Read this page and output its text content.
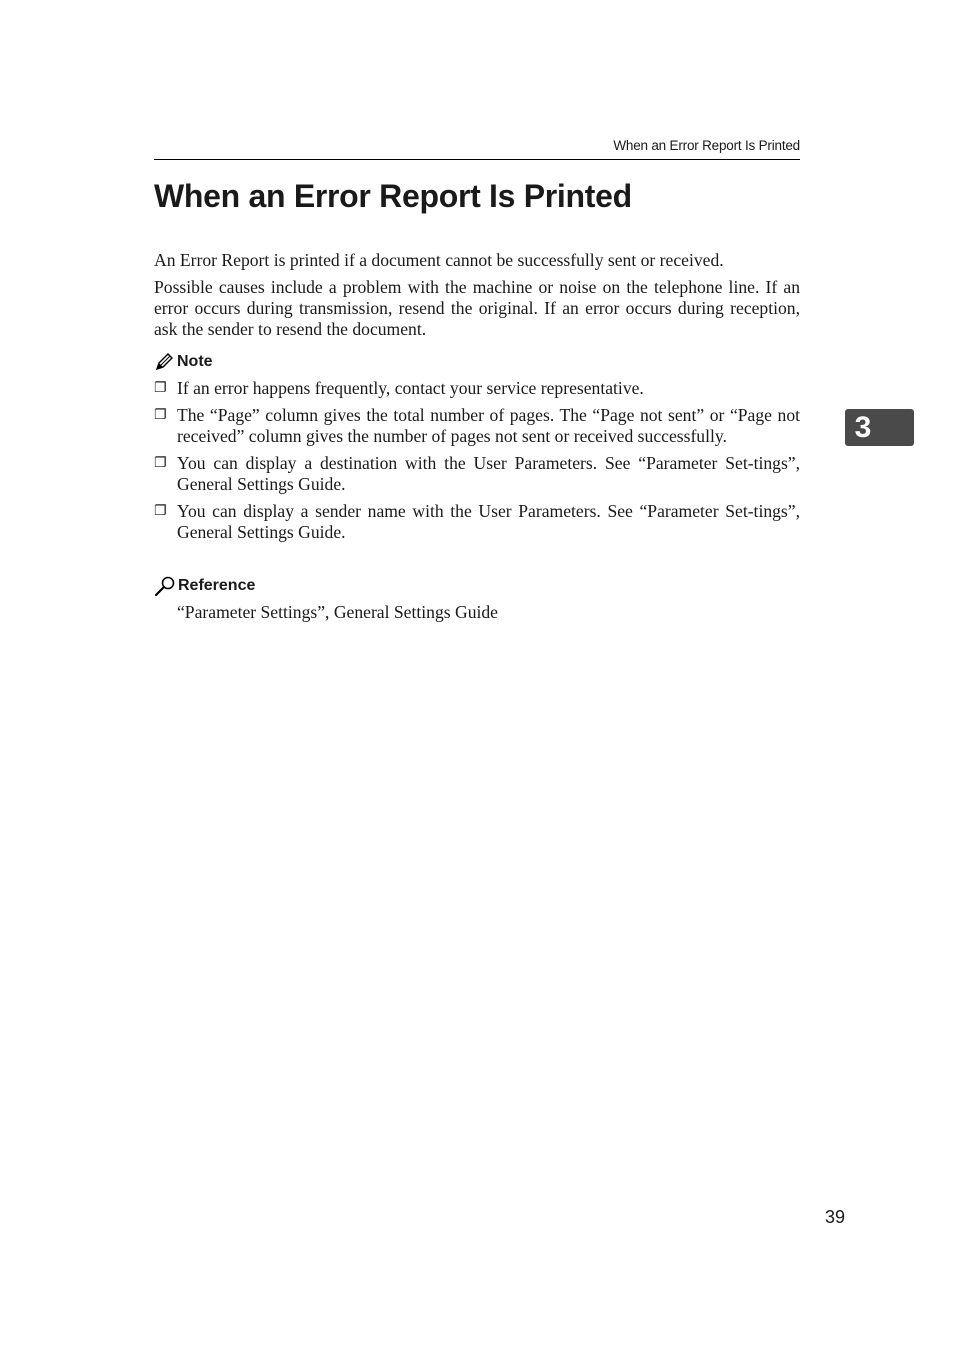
When an Error Report Is Printed
When an Error Report Is Printed

An Error Report is printed if a document cannot be successfully sent or received.

Possible causes include a problem with the machine or noise on the telephone line. If an error occurs during transmission, resend the original. If an error occurs during reception, ask the sender to resend the document.

Note
❐ If an error happens frequently, contact your service representative.
❐ The “Page” column gives the total number of pages. The “Page not sent” or “Page not received” column gives the number of pages not sent or received successfully.
❐ You can display a destination with the User Parameters. See “Parameter Set-tings”, General Settings Guide.
❐ You can display a sender name with the User Parameters. See “Parameter Set-tings”, General Settings Guide.
Reference

“Parameter Settings”, General Settings Guide

3
39
